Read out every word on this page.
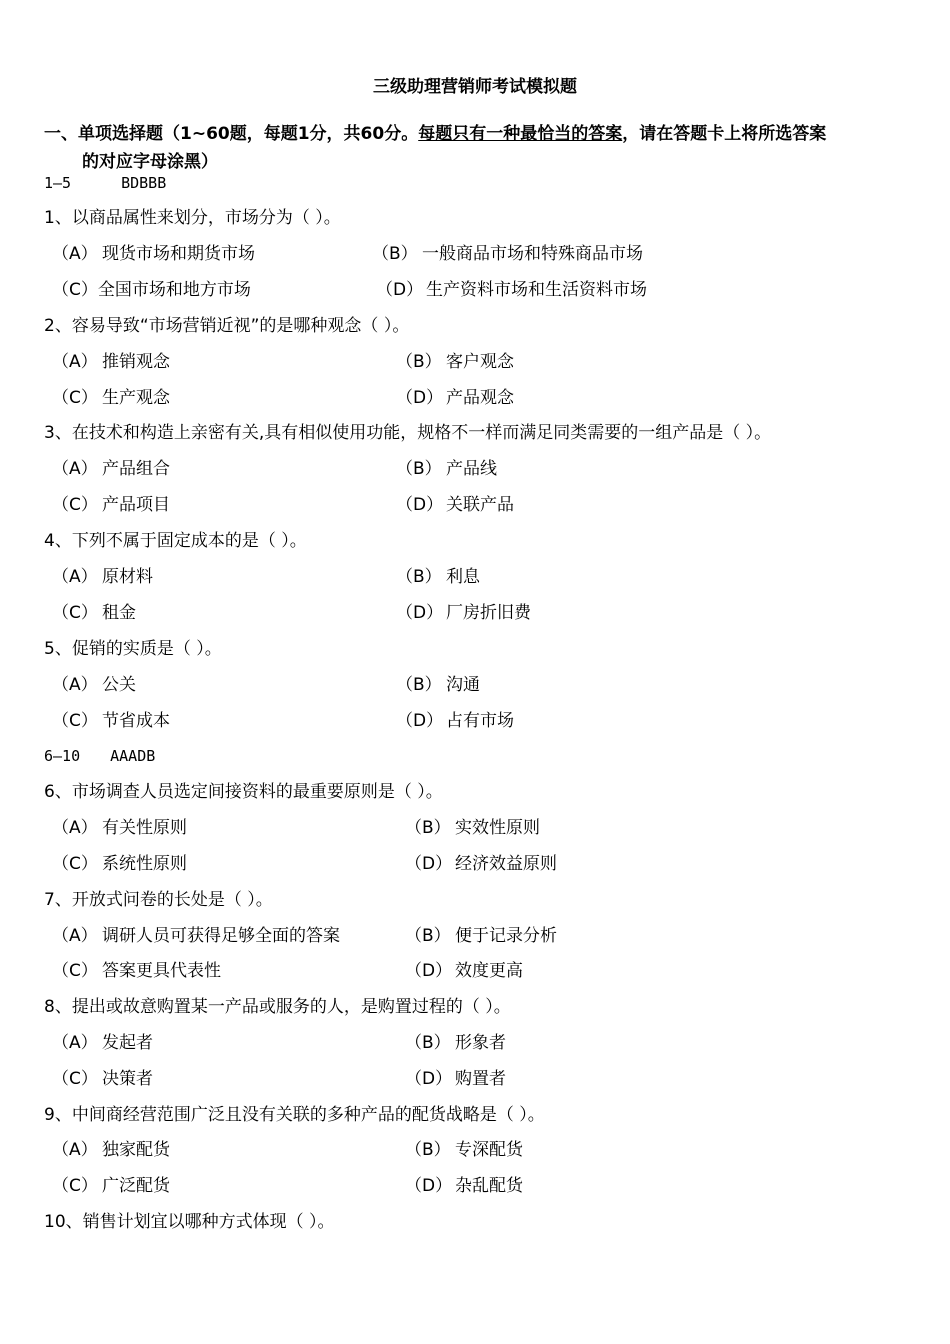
三级助理营销师考试模拟题
一、单项选择题（1~60题，每题1分，共60分。每题只有一种最恰当的答案，请在答题卡上将所选答案
的对应字母涂黑）
1—5	BDBBB
1、以商品属性来划分，市场分为（ ）。
（A） 现货市场和期货市场	（B） 一般商品市场和特殊商品市场
（C）全国市场和地方市场	（D） 生产资料市场和生活资料市场
2、容易导致“市场营销近视”的是哪种观念（ ）。
（A） 推销观念	（B） 客户观念
（C） 生产观念	（D） 产品观念
3、在技术和构造上亲密有关,具有相似使用功能，规格不一样而满足同类需要的一组产品是（ ）。
（A） 产品组合	（B） 产品线
（C） 产品项目	（D） 关联产品
4、下列不属于固定成本的是（ ）。
（A） 原材料	（B） 利息
（C） 租金	（D） 厂房折旧费
5、促销的实质是（ ）。
（A） 公关	（B） 沟通
（C） 节省成本	（D） 占有市场
6—10 AAADB
6、市场调查人员选定间接资料的最重要原则是（ ）。
（A） 有关性原则	（B） 实效性原则
（C） 系统性原则	（D） 经济效益原则
7、开放式问卷的长处是（ ）。
（A） 调研人员可获得足够全面的答案	（B） 便于记录分析
（C） 答案更具代表性	（D） 效度更高
8、提出或故意购置某一产品或服务的人，是购置过程的（ ）。
（A） 发起者	（B） 形象者
（C） 决策者	（D） 购置者
9、中间商经营范围广泛且没有关联的多种产品的配货战略是（ ）。
（A） 独家配货	（B） 专深配货
（C） 广泛配货	（D） 杂乱配货
10、销售计划宜以哪种方式体现（ ）。
